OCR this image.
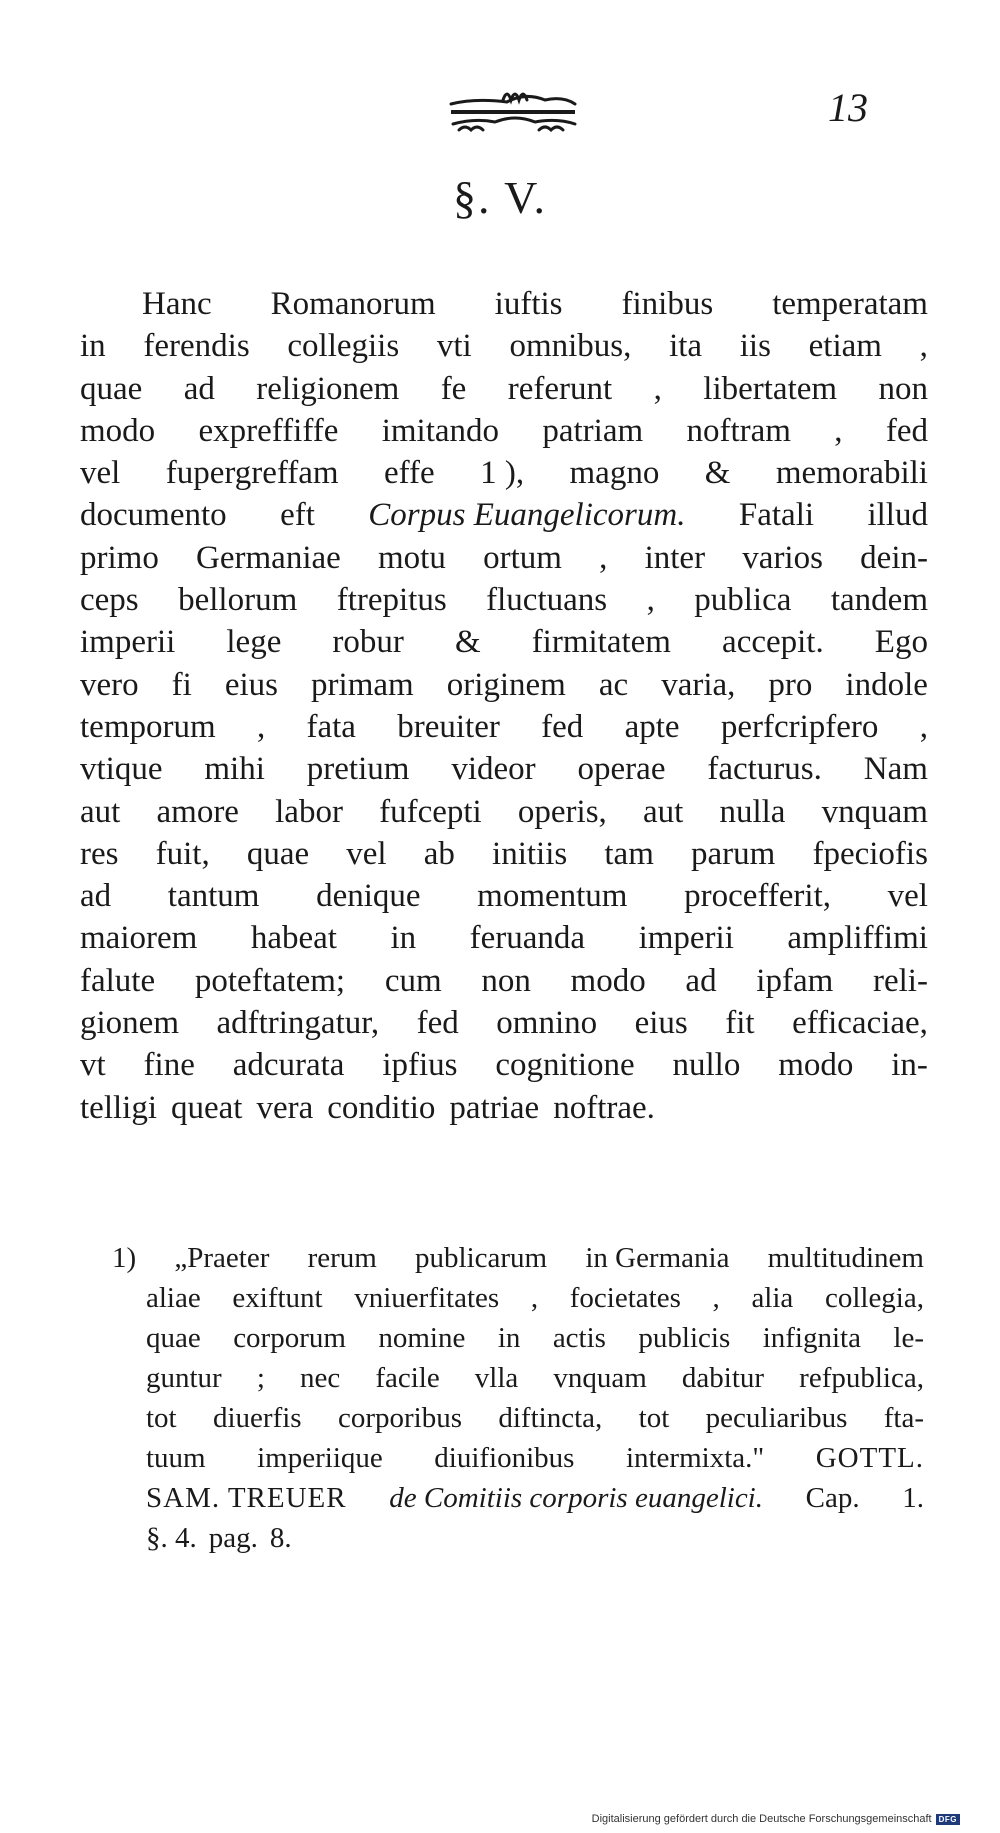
13
§. V.
Hanc Romanorum iuftis finibus temperatam
in ferendis collegiis vti omnibus, ita iis etiam ,
quae ad religionem fe referunt , libertatem non
modo expreffiffe imitando patriam noftram , fed
vel fupergreffam effe 1 ), magno & memorabili
documento eft Corpus Euangelicorum. Fatali illud
primo Germaniae motu ortum , inter varios dein-
ceps bellorum ftrepitus fluctuans , publica tandem
imperii lege robur & firmitatem accepit. Ego
vero fi eius primam originem ac varia, pro indole
temporum , fata breuiter fed apte perfcripfero ,
vtique mihi pretium videor operae facturus. Nam
aut amore labor fufcepti operis, aut nulla vnquam
res fuit, quae vel ab initiis tam parum fpeciofis
ad tantum denique momentum procefferit, vel
maiorem habeat in feruanda imperii ampliffimi
falute poteftatem; cum non modo ad ipfam reli-
gionem adftringatur, fed omnino eius fit efficaciae,
vt fine adcurata ipfius cognitione nullo modo in-
telligi queat vera conditio patriae noftrae.
1) „Praeter rerum publicarum in Germania multitudinem
aliae exiftunt vniuerfitates , focietates , alia collegia,
quae corporum nomine in actis publicis infignita le-
guntur ; nec facile vlla vnquam dabitur refpublica,
tot diuerfis corporibus diftincta, tot peculiaribus fta-
tuum imperiique diuifionibus intermixta." GOTTL.
SAM. TREUER de Comitiis corporis euangelici. Cap. 1.
§. 4. pag. 8.
Digitalisierung gefördert durch die Deutsche Forschungsgemeinschaft DFG
